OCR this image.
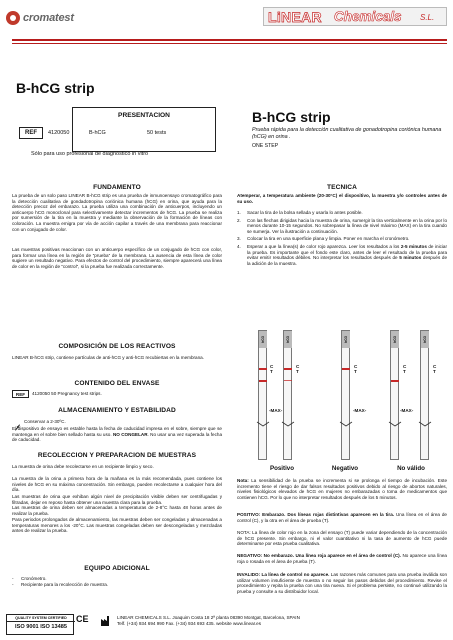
cromatest	LiNEAR Chemicals S.L.
B-hCG strip
B-hCG strip
PRESENTACION
REF	4120050	B-hCG	50 tests
Sólo para uso profesional de diagnóstico in vitro
Prueba rápida para la detección cualitativa de gonadotropina coriónica humana (hCG) en orina .
ONE STEP
FUNDAMENTO
La prueba de un solo paso LINEAR B-hCG strip es una prueba de inmunoensayo cromatográfico para la detección cualitativa de gondadotropina coriónica humana (hCG) en orina, que ayuda para la detección precoz del embarazo. La prueba utiliza una combinación de anticuerpos, incluyendo un anticuerpo hCG monoclonal para selectivamente detectar incrementos de hCG. La prueba se realiza por sumersión de la tira en la muestra y mediante la observación de la formación de líneas con coloración. La muestra emigra por vía de acción capilar a través de una membrana para reaccionar con un conjugado de color.
Las muestras positivas reaccionan con un anticuerpo específico de un conjugado de hCG con color, para formar una línea en la región de “prueba” de la membrana. La ausencia de esta línea de color sugiere un resultado negativo. Para efectos de control del procedimiento, siempre aparecerá una línea de color en la región de “control”, si la prueba fue realizada correctamente.
COMPOSICIÓN DE LOS REACTIVOS
LINEAR B-hCG strip, contiene partículas de anti-hCG y anti-hCG recubiertas en la membrana.
CONTENIDO DEL ENVASE
REF	4120050 50 Pregnancy test strips.
ALMACENAMIENTO Y ESTABILIDAD
Conservar a 2-30ºC.
El dispositivo de ensayo es estable hasta la fecha de caducidad impresa en el sobre, siempre que se mantenga en el sobre bien sellado hasta su uso. NO CONGELAR. No usar una vez superada la fecha de caducidad.
RECOLECCION Y PREPARACION DE MUESTRAS
La muestra de orina debe recolectarse en un recipiente limpio y seco.
La muestra de la orina a primera hora de la mañana es la más recomendada, pues contiene los niveles de hCG en su máxima concentración. Sin embargo, pueden recolectarse a cualquier hora del día.
Las muestras de orina que exhiban algún nivel de precipitación visible deben ser centrifugadas y filtradas, dejar en reposo hasta obtener una muestra clara para la prueba.
Las muestras de orina deben ser almacenadas a temperaturas de 2-8°C hasta 48 horas antes de realizar la prueba.
Para periodos prolongados de almacenamiento, las muestras deben ser congeladas y almacenadas a temperaturas menores a los -20°C. Las muestras congeladas deben ser descongeladas y mezcladas antes de realizar la prueba.
EQUIPO ADICIONAL
- Cronómetro.
- Recipiente para la recolección de muestra.
TECNICA
Atemperar, a temperatura ambiente (20-30°C) el dispositivo, la muestra y/o controles antes de su uso.
1. Sacar la tira de la bolsa sellada y usarla lo antes posible.
2. Con las flechas dirigidas hacia la muestra de orina, sumergir la tira verticalmente en la orina por lo menos durante 10-15 segundos. No sobrepasar la línea de nivel máximo (MAX) en la tira cuando se sumerja. Ver la ilustración a continuación.
3. Colocar la tira en una superficie plana y limpia. Poner en marcha el cronómetro.
4. Esperar a que la línea(s) de color rojo aparezca. Leer los resultados a los 2-5 minutos de iniciar la prueba. Es importante que el fondo este claro, antes de leer el resultado de la prueba para evitar emitir resultados débiles. No interpretar los resultados después de 5 minutos después de la adición de la muestra.
hCG	hCG	hCG	hCG	hCG
C
T
C
T
C
T
C
T
C
T
-MAX-	-MAX-	-MAX-
Positivo	Negativo	No válido
Nota: La sensibilidad de la prueba se incrementa si se prolonga el tiempo de incubación. Este incremento tiene el riesgo de dar falsos resultados positivos debido al riesgo de abortos naturales, niveles fisiológicos elevados de hCG en mujeres no embarazadas o toma de medicamentos que contienen hCG. Por lo que no interpretar resultados después de los 5 minutos.
POSITIVO: Embarazo. Dos líneas rojas distintivas aparecen en la tira. Una línea en el área de control (C), y la otra en el área de prueba (T).
NOTA: La línea de color rojo en la zona del ensayo (T) puede variar dependiendo de la concentración de hCG presente. Sin embargo, ni el valor cuantitativo ni la tasa de aumento de hCG puede determinarse por esta prueba cualitativa.
NEGATIVO: No embarazo. Una línea roja aparece en el área de control (C). No aparece una línea roja o rosada en el área de prueba (T).
INVALIDO: La línea de control no aparece. Las razones más comunes para una prueba inválida son utilizar volumen insuficiente de muestra o no seguir los pasos debidos del procedimiento. Revise el procedimiento y repita la prueba con una tira nueva. Si el problema persiste, no continué utilizando la prueba y consulte a su distribuidor local.
QUALITY SYSTEM CERTIFIED
ISO 9001 ISO 13485
CE	LINEAR CHEMICALS S.L. Joaquim Costa 18 2ª planta 08390 Montgat, Barcelona, SPAIN
Telf. (+34) 934 694 990 Fax. (+34) 934 693 435. website www.linear.es
